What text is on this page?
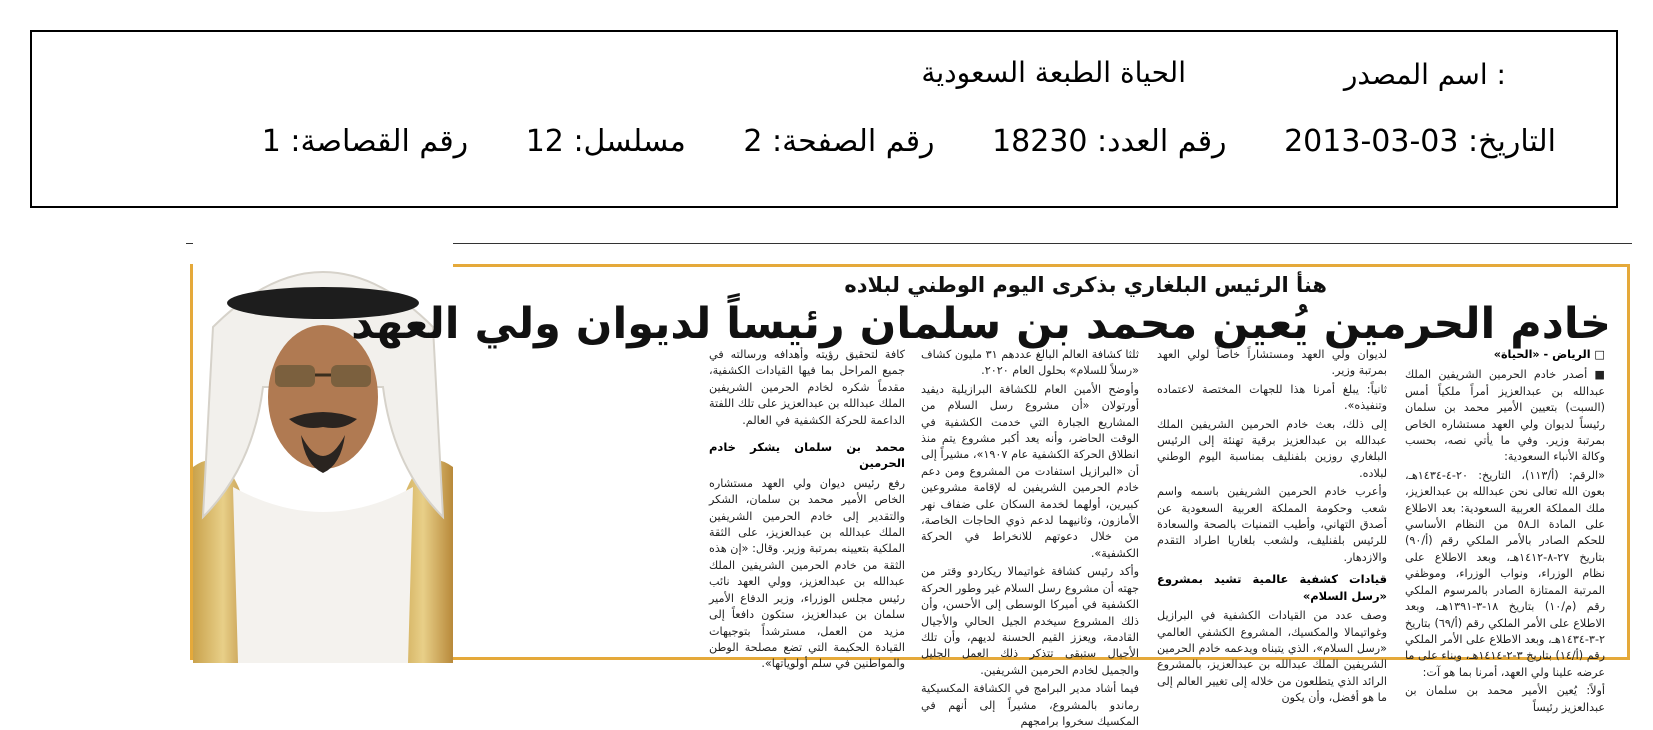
اسم المصدر :
الحياة الطبعة السعودية
التاريخ: 03-03-2013 رقم العدد: 18230 رقم الصفحة: 2 مسلسل: 12 رقم القصاصة: 1
هنأ الرئيس البلغاري بذكرى اليوم الوطني لبلاده
خادم الحرمين يُعين محمد بن سلمان رئيساً لديوان ولي العهد

□ الرياض - «الحياة»

■ أصدر خادم الحرمين الشريفين الملك عبدالله بن عبدالعزيز أمراً ملكياً أمس (السبت) بتعيين الأمير محمد بن سلمان رئيساً لديوان ولي العهد مستشاره الخاص بمرتبة وزير. وفي ما يأتي نصه، بحسب وكالة الأنباء السعودية:

«الرقم: (أ/١١٣)، التاريخ: ٢٠-٤-١٤٣٤هـ، بعون الله تعالى نحن عبدالله بن عبدالعزيز، ملك المملكة العربية السعودية: بعد الاطلاع على المادة الـ٥٨ من النظام الأساسي للحكم الصادر بالأمر الملكي رقم (أ/٩٠) بتاريخ ٢٧-٨-١٤١٢هـ، وبعد الاطلاع على نظام الوزراء، ونواب الوزراء، وموظفي المرتبة الممتازة الصادر بالمرسوم الملكي رقم (م/١٠) بتاريخ ١٨-٣-١٣٩١هـ، وبعد الاطلاع على الأمر الملكي رقم (أ/٦٩) بتاريخ ٢-٣-١٤٣٤هـ، وبعد الاطلاع على الأمر الملكي رقم (أ/١٤) بتاريخ ٣-٢-١٤١٤هـ، وبناء على ما عرضه علينا ولي العهد، أمرنا بما هو آت:

أولاً: يُعين الأمير محمد بن سلمان بن عبدالعزيز رئيساً

لديوان ولي العهد ومستشاراً خاصاً لولي العهد بمرتبة وزير.

ثانياً: يبلغ أمرنا هذا للجهات المختصة لاعتماده وتنفيذه».

إلى ذلك، بعث خادم الحرمين الشريفين الملك عبدالله بن عبدالعزيز برقية تهنئة إلى الرئيس البلغاري روزين بلفنليف بمناسبة اليوم الوطني لبلاده.

وأعرب خادم الحرمين الشريفين باسمه واسم شعب وحكومة المملكة العربية السعودية عن أصدق التهاني، وأطيب التمنيات بالصحة والسعادة للرئيس بلفنليف، ولشعب بلغاريا اطراد التقدم والازدهار.

قيادات كشفية عالمية تشيد بمشروع «رسل السلام»

وصف عدد من القيادات الكشفية في البرازيل وغواتيمالا والمكسيك، المشروع الكشفي العالمي «رسل السلام»، الذي يتبناه ويدعمه خادم الحرمين الشريفين الملك عبدالله بن عبدالعزيز، بالمشروع الرائد الذي يتطلعون من خلاله إلى تغيير العالم إلى ما هو أفضل، وأن يكون

ثلثا كشافة العالم البالغ عددهم ٣١ مليون كشاف «رسلاً للسلام» بحلول العام ٢٠٢٠.

وأوضح الأمين العام للكشافة البرازيلية ديفيد أورتولان «أن مشروع رسل السلام من المشاريع الجبارة التي خدمت الكشفية في الوقت الحاضر، وأنه يعد أكبر مشروع يتم منذ انطلاق الحركة الكشفية عام ١٩٠٧»، مشيراً إلى أن «البرازيل استفادت من المشروع ومن دعم خادم الحرمين الشريفين له لإقامة مشروعين كبيرين، أولهما لخدمة السكان على ضفاف نهر الأمازون، وثانيهما لدعم ذوي الحاجات الخاصة، من خلال دعوتهم للانخراط في الحركة الكشفية».

وأكد رئيس كشافة غواتيمالا ريكاردو وقتر من جهته أن مشروع رسل السلام غير وطور الحركة الكشفية في أميركا الوسطى إلى الأحسن، وأن ذلك المشروع سيخدم الجيل الحالي والأجيال القادمة، ويعزز القيم الحسنة لديهم، وأن تلك الأجيال ستبقى تتذكر ذلك العمل الجليل والجميل لخادم الحرمين الشريفين.

فيما أشاد مدير البرامج في الكشافة المكسيكية رماندو بالمشروع، مشيراً إلى أنهم في المكسيك سخروا برامجهم

كافة لتحقيق رؤيته وأهدافه ورسالته في جميع المراحل بما فيها القيادات الكشفية، مقدماً شكره لخادم الحرمين الشريفين الملك عبدالله بن عبدالعزيز على تلك اللفتة الداعمة للحركة الكشفية في العالم.

محمد بن سلمان يشكر خادم الحرمين

رفع رئيس ديوان ولي العهد مستشاره الخاص الأمير محمد بن سلمان، الشكر والتقدير إلى خادم الحرمين الشريفين الملك عبدالله بن عبدالعزيز، على الثقة الملكية بتعيينه بمرتبة وزير. وقال: «إن هذه الثقة من خادم الحرمين الشريفين الملك عبدالله بن عبدالعزيز، وولي العهد نائب رئيس مجلس الوزراء، وزير الدفاع الأمير سلمان بن عبدالعزيز، ستكون دافعاً إلى مزيد من العمل، مسترشداً بتوجيهات القيادة الحكيمة التي تضع مصلحة الوطن والمواطنين في سلم أولوياتها».
